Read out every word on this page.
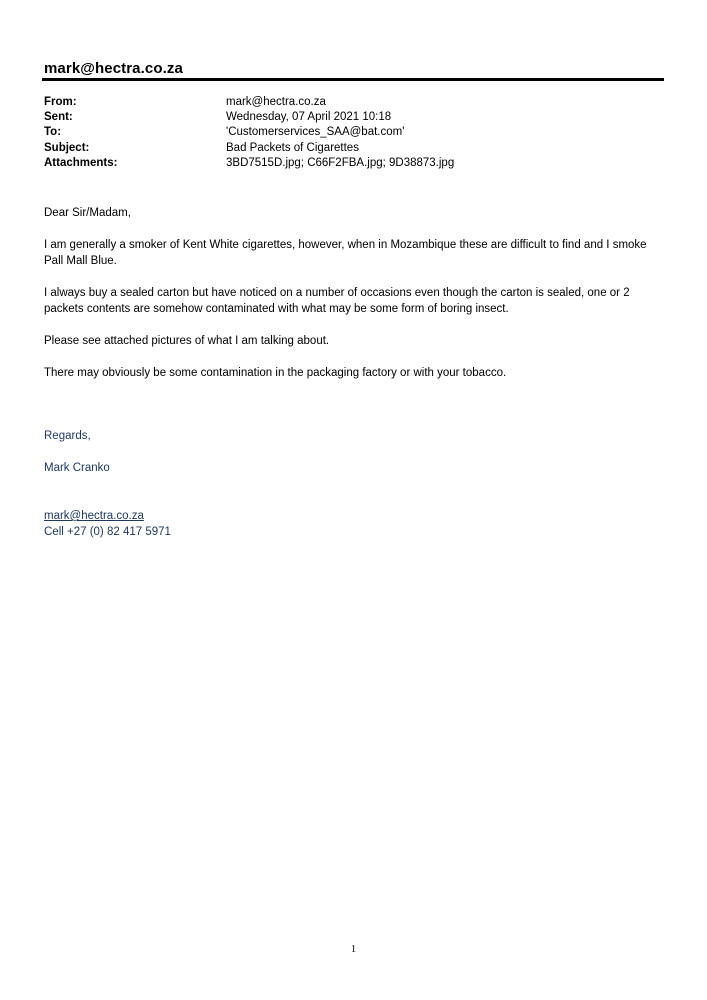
mark@hectra.co.za
From:	mark@hectra.co.za
Sent:	Wednesday, 07 April 2021 10:18
To:	'Customerservices_SAA@bat.com'
Subject:	Bad Packets of Cigarettes
Attachments:	3BD7515D.jpg; C66F2FBA.jpg; 9D38873.jpg

Dear Sir/Madam,

I am generally a smoker of Kent White cigarettes, however, when in Mozambique these are difficult to find and I smoke Pall Mall Blue.

I always buy a sealed carton but have noticed on a number of occasions even though the carton is sealed, one or 2 packets contents are somehow contaminated with what may be some form of boring insect.

Please see attached pictures of what I am talking about.

There may obviously be some contamination in the packaging factory or with your tobacco.

Regards,
Mark Cranko
mark@hectra.co.za
Cell +27 (0) 82 417 5971
1
